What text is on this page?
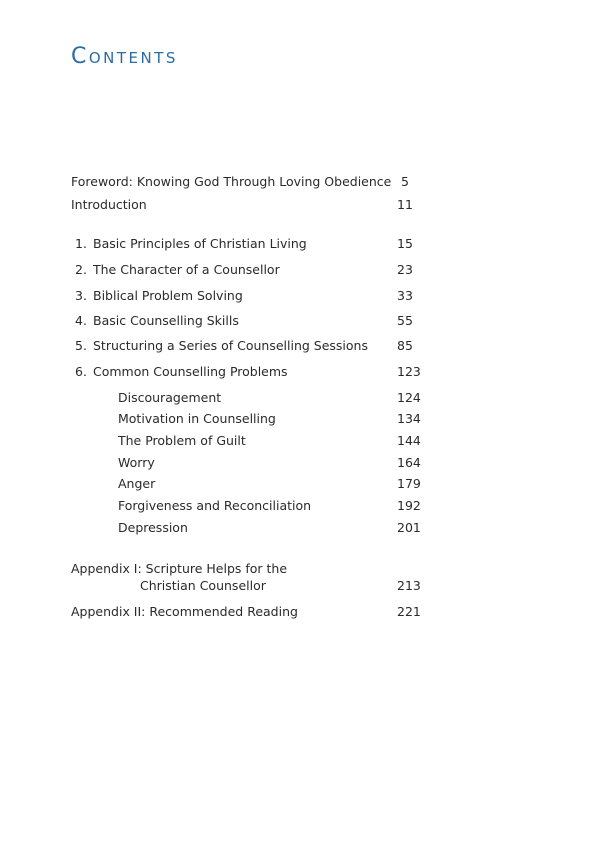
Contents
Foreword: Knowing God Through Loving Obedience 5
Introduction	11
1. Basic Principles of Christian Living	15
2. The Character of a Counsellor	23
3. Biblical Problem Solving	33
4. Basic Counselling Skills	55
5. Structuring a Series of Counselling Sessions 85
6. Common Counselling Problems	123
Discouragement	124
Motivation in Counselling	134
The Problem of Guilt	144
Worry	164
Anger	179
Forgiveness and Reconciliation	192
Depression	201
Appendix I: Scripture Helps for the
Christian Counsellor	213
Appendix II: Recommended Reading	221
